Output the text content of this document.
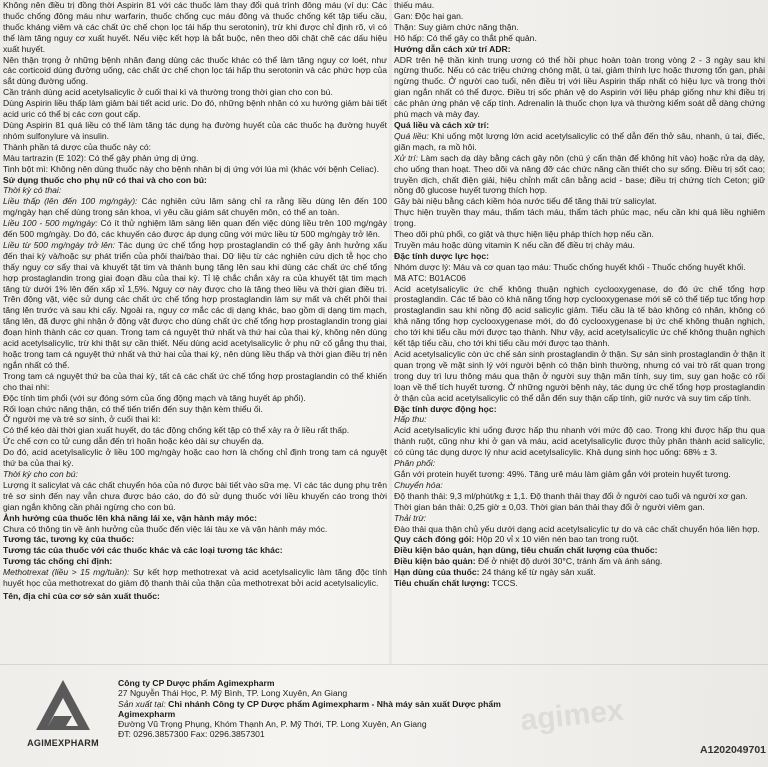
Không nên điều trị đồng thời Aspirin 81 với các thuốc làm thay đổi quá trình đông máu (ví dụ: Các thuốc chống đông máu như warfarin, thuốc chống cục máu đông và thuốc chống kết tập tiểu cầu, thuốc kháng viêm và các chất ức chế chọn lọc tái hấp thu serotonin), trừ khi được chỉ định rõ, vì có thể làm tăng nguy cơ xuất huyết. Nếu việc kết hợp là bắt buộc, nên theo dõi chặt chẽ các dấu hiệu xuất huyết.

Nên thận trọng ở những bệnh nhân đang dùng các thuốc khác có thể làm tăng nguy cơ loét, như các corticoid dùng đường uống, các chất ức chế chọn lọc tái hấp thu serotonin và các phức hợp của sắt dùng đường uống.

Cần tránh dùng acid acetylsalicylic ở cuối thai kì và thường trong thời gian cho con bú.

Dùng Aspirin liều thấp làm giảm bài tiết acid uric. Do đó, những bệnh nhân có xu hướng giảm bài tiết acid uric có thể bị các cơn gout cấp.

Dùng Aspirin 81 quá liều có thể làm tăng tác dụng hạ đường huyết của các thuốc hạ đường huyết nhóm sulfonylure và insulin.

Thành phần tá dược của thuốc này có:

Màu tartrazin (E 102): Có thể gây phản ứng dị ứng.

Tinh bột mì: Không nên dùng thuốc này cho bệnh nhân bị dị ứng với lúa mì (khác với bệnh Celiac).

Sử dụng thuốc cho phụ nữ có thai và cho con bú:

Thời kỳ có thai:

Liều thấp (lên đến 100 mg/ngày): Các nghiên cứu lâm sàng chỉ ra rằng liều dùng lên đến 100 mg/ngày hạn chế dùng trong sản khoa, vì yêu cầu giám sát chuyên môn, có thể an toàn.

Liều 100 - 500 mg/ngày: Có ít thử nghiệm lâm sàng liên quan đến việc dùng liều trên 100 mg/ngày đến 500 mg/ngày. Do đó, các khuyến cáo được áp dụng cũng với mức liều từ 500 mg/ngày trở lên.

Liều từ 500 mg/ngày trở lên: Tác dụng ức chế tổng hợp prostaglandin có thể gây ảnh hưởng xấu đến thai kỳ và/hoặc sự phát triển của phôi thai/bào thai. Dữ liệu từ các nghiên cứu dịch tễ học cho thấy nguy cơ sẩy thai và khuyết tật tim và thành bụng tăng lên sau khi dùng các chất ức chế tổng hợp prostaglandin trong giai đoạn đầu của thai kỳ. Tỉ lệ chắc chắn xảy ra của khuyết tật tim mạch tăng từ dưới 1% lên đến xấp xỉ 1,5%. Nguy cơ này được cho là tăng theo liều và thời gian điều trị. Trên động vật, việc sử dụng các chất ức chế tổng hợp prostaglandin làm sự mất và chết phôi thai tăng lên trước và sau khi cấy. Ngoài ra, nguy cơ mắc các dị dạng khác, bao gồm dị dạng tim mạch, tăng lên, đã được ghi nhận ở động vật được cho dùng chất ức chế tổng hợp prostaglandin trong giai đoạn hình thành các cơ quan. Trong tam cá nguyệt thứ nhất và thứ hai của thai kỳ, không nên dùng acid acetylsalicylic, trừ khi thật sự cần thiết. Nếu dùng acid acetylsalicylic ở phụ nữ cố gắng thụ thai, hoặc trong tam cá nguyệt thứ nhất và thứ hai của thai kỳ, nên dùng liều thấp và thời gian điều trị nên ngắn nhất có thể.

Trong tam cá nguyệt thứ ba của thai kỳ, tất cả các chất ức chế tổng hợp prostaglandin có thể khiến cho thai nhi:

Độc tính tim phổi (với sự đóng sớm của ống động mạch và tăng huyết áp phổi).

Rối loạn chức năng thận, có thể tiến triển đến suy thận kèm thiểu ối.

Ở người mẹ và trẻ sơ sinh, ở cuối thai kì:

Có thể kéo dài thời gian xuất huyết, do tác động chống kết tập có thể xảy ra ở liều rất thấp.

Ức chế cơn co tử cung dẫn đến trì hoãn hoặc kéo dài sự chuyển dạ.

Do đó, acid acetylsalicylic ở liều 100 mg/ngày hoặc cao hơn là chống chỉ định trong tam cá nguyệt thứ ba của thai kỳ.

Thời kỳ cho con bú:

Lượng ít salicylat và các chất chuyển hóa của nó được bài tiết vào sữa mẹ. Vì các tác dụng phụ trên trẻ sơ sinh đến nay vẫn chưa được báo cáo, do đó sử dụng thuốc với liều khuyến cáo trong thời gian ngắn không cần phải ngừng cho con bú.

Ảnh hưởng của thuốc lên khả năng lái xe, vận hành máy móc:

Chưa có thông tin về ảnh hưởng của thuốc đến việc lái tàu xe và vận hành máy móc.

Tương tác, tương kỵ của thuốc:

Tương tác của thuốc với các thuốc khác và các loại tương tác khác:

Tương tác chống chỉ định:

Methotrexat (liều > 15 mg/tuần): Sự kết hợp methotrexat và acid acetylsalicylic làm tăng độc tính huyết học của methotrexat do giảm độ thanh thải của thận của methotrexat bởi acid acetylsalicylic.

Tên, địa chỉ của cơ sở sản xuất thuốc:

thiếu máu.

Gan: Độc hại gan.

Thận: Suy giảm chức năng thận.

Hô hấp: Có thể gây co thắt phế quản.

Hướng dẫn cách xử trí ADR:

ADR trên hệ thần kinh trung ương có thể hồi phục hoàn toàn trong vòng 2 - 3 ngày sau khi ngừng thuốc. Nếu có các triệu chứng chóng mặt, ù tai, giảm thính lực hoặc thương tổn gan, phải ngừng thuốc. Ở người cao tuổi, nên điều trị với liều Aspirin thấp nhất có hiệu lực và trong thời gian ngắn nhất có thể được. Điều trị sốc phản vệ do Aspirin với liệu pháp giống như khi điều trị các phản ứng phản vệ cấp tính. Adrenalin là thuốc chọn lựa và thường kiểm soát dễ dàng chứng phù mạch và mày đay.

Quá liều và cách xử trí:

Quá liều: Khi uống một lượng lớn acid acetylsalicylic có thể dẫn đến thở sâu, nhanh, ù tai, điếc, giãn mạch, ra mồ hôi.

Xử trí: Làm sạch dạ dày bằng cách gây nôn (chú ý cẩn thận để không hít vào) hoặc rửa dạ dày, cho uống than hoạt. Theo dõi và nâng đỡ các chức năng cần thiết cho sự sống. Điều trị sốt cao; truyền dịch, chất điện giải, hiệu chỉnh mất cân bằng acid - base; điều trị chứng tích Ceton; giữ nồng độ glucose huyết tương thích hợp.

Gây bài niệu bằng cách kiềm hóa nước tiểu để tăng thải trừ salicylat.

Thực hiện truyền thay máu, thẩm tách máu, thẩm tách phúc mạc, nếu cần khi quá liều nghiêm trọng.

Theo dõi phù phổi, co giật và thực hiện liệu pháp thích hợp nếu cần.

Truyền máu hoặc dùng vitamin K nếu cần để điều trị chảy máu.

Đặc tính dược lực học:

Nhóm dược lý: Máu và cơ quan tạo máu: Thuốc chống huyết khối - Thuốc chống huyết khối.

Mã ATC: B01AC06

Acid acetylsalicylic ức chế không thuận nghịch cyclooxygenase, do đó ức chế tổng hợp prostaglandin. Các tế bào có khả năng tổng hợp cyclooxygenase mới sẽ có thể tiếp tục tổng hợp prostaglandin sau khi nồng độ acid salicylic giảm. Tiểu cầu là tế bào không có nhân, không có khả năng tổng hợp cyclooxygenase mới, do đó cyclooxygenase bị ức chế không thuận nghịch, cho tới khi tiểu cầu mới được tạo thành. Như vậy, acid acetylsalicylic ức chế không thuận nghịch kết tập tiểu cầu, cho tới khi tiểu cầu mới được tạo thành.

Acid acetylsalicylic còn ức chế sản sinh prostaglandin ở thận. Sự sản sinh prostaglandin ở thận ít quan trọng về mặt sinh lý với người bệnh có thận bình thường, nhưng có vai trò rất quan trọng trong duy trì lưu thông máu qua thận ở người suy thận mãn tính, suy tim, suy gan hoặc có rối loạn về thể tích huyết tương. Ở những người bệnh này, tác dụng ức chế tổng hợp prostaglandin ở thận của acid acetylsalicylic có thể dẫn đến suy thận cấp tính, giữ nước và suy tim cấp tính.

Đặc tính dược động học:

Hấp thu:

Acid acetylsalicylic khi uống được hấp thu nhanh với mức độ cao. Trong khi được hấp thu qua thành ruột, cũng như khi ở gan và máu, acid acetylsalicylic được thủy phân thành acid salicylic, có cùng tác dụng dược lý như acid acetylsalicylic. Khả dụng sinh học uống: 68% ± 3.

Phân phối:

Gắn với protein huyết tương: 49%. Tăng urê máu làm giảm gắn với protein huyết tương.

Chuyển hóa:

Độ thanh thải: 9,3 ml/phút/kg ± 1,1. Độ thanh thải thay đổi ở người cao tuổi và người xơ gan.

Thời gian bán thải: 0,25 giờ ± 0,03. Thời gian bán thải thay đổi ở người viêm gan.

Thải trừ:

Đào thải qua thận chủ yếu dưới dạng acid acetylsalicylic tự do và các chất chuyển hóa liên hợp.

Quy cách đóng gói: Hộp 20 vỉ x 10 viên nén bao tan trong ruột.

Điều kiện bảo quản, hạn dùng, tiêu chuẩn chất lượng của thuốc:

Điều kiện bảo quản: Để ở nhiệt độ dưới 30°C, tránh ẩm và ánh sáng.

Hạn dùng của thuốc: 24 tháng kể từ ngày sản xuất.

Tiêu chuẩn chất lượng: TCCS.

AGIMEXPHARM

Công ty CP Dược phẩm Agimexpharm

27 Nguyễn Thái Học, P. Mỹ Bình, TP. Long Xuyên, An Giang

Sản xuất tại: Chi nhánh Công ty CP Dược phẩm Agimexpharm - Nhà máy sản xuất Dược phẩm Agimexpharm

Đường Vũ Trọng Phụng, Khóm Thạnh An, P. Mỹ Thới, TP. Long Xuyên, An Giang

ĐT: 0296.3857300 Fax: 0296.3857301	agimex
A1202049701
